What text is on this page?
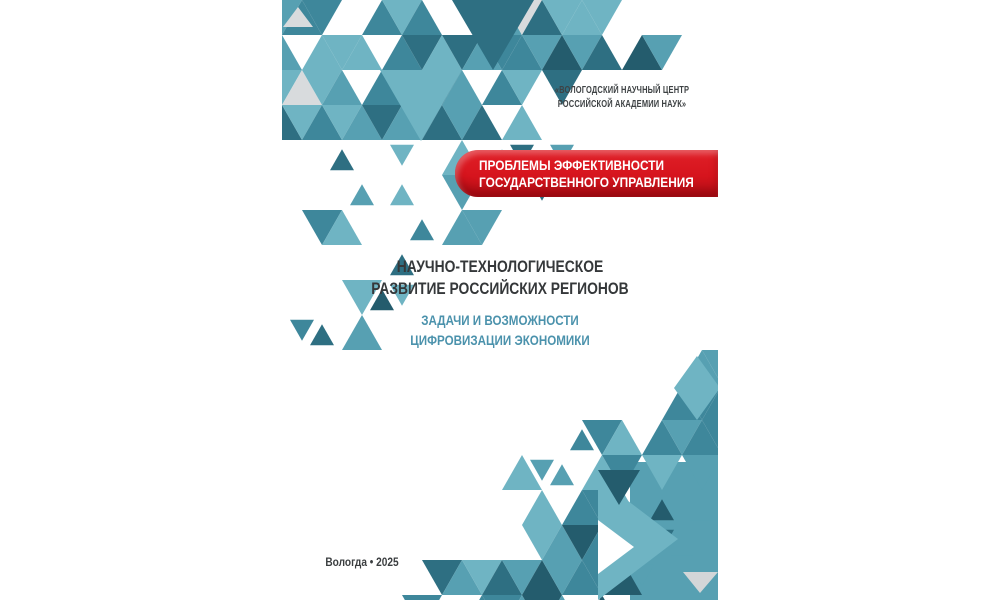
«ВОЛОГОДСКИЙ НАУЧНЫЙ ЦЕНТР
РОССИЙСКОЙ АКАДЕМИИ НАУК»
ПРОБЛЕМЫ ЭФФЕКТИВНОСТИ
ГОСУДАРСТВЕННОГО УПРАВЛЕНИЯ
НАУЧНО-ТЕХНОЛОГИЧЕСКОЕ
РАЗВИТИЕ РОССИЙСКИХ РЕГИОНОВ
ЗАДАЧИ И ВОЗМОЖНОСТИ
ЦИФРОВИЗАЦИИ ЭКОНОМИКИ
Вологда • 2025
